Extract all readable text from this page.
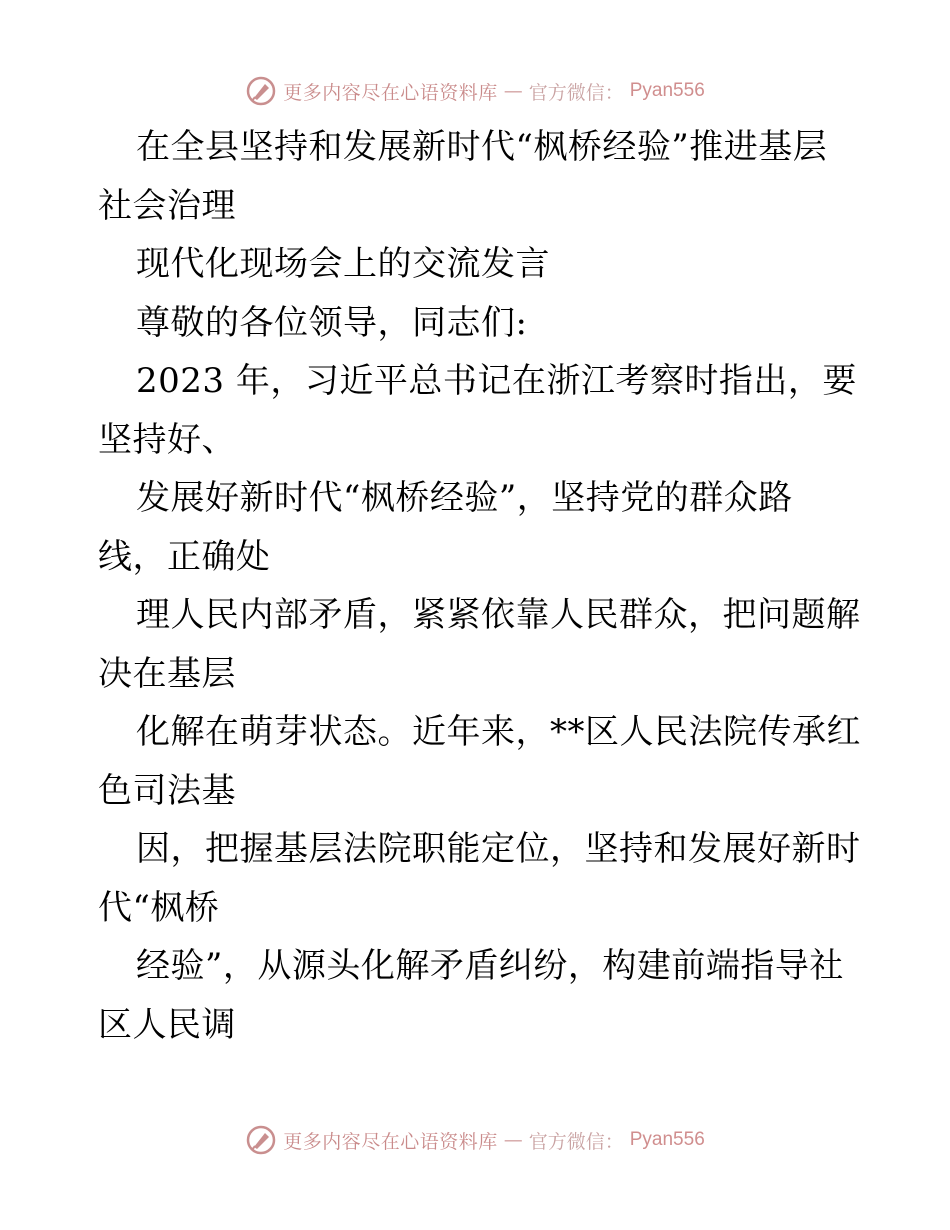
更多内容尽在心语资料库 — 官方微信： Pyan556
在全县坚持和发展新时代“枫桥经验”推进基层
社会治理
现代化现场会上的交流发言
尊敬的各位领导，同志们:
2023 年，习近平总书记在浙江考察时指出，要
坚持好、
发展好新时代“枫桥经验”，坚持党的群众路
线，正确处
理人民内部矛盾，紧紧依靠人民群众，把问题解
决在基层
化解在萌芽状态。近年来，**区人民法院传承红
色司法基
因，把握基层法院职能定位，坚持和发展好新时
代“枫桥
经验”，从源头化解矛盾纠纷，构建前端指导社
区人民调
更多内容尽在心语资料库 — 官方微信： Pyan556
